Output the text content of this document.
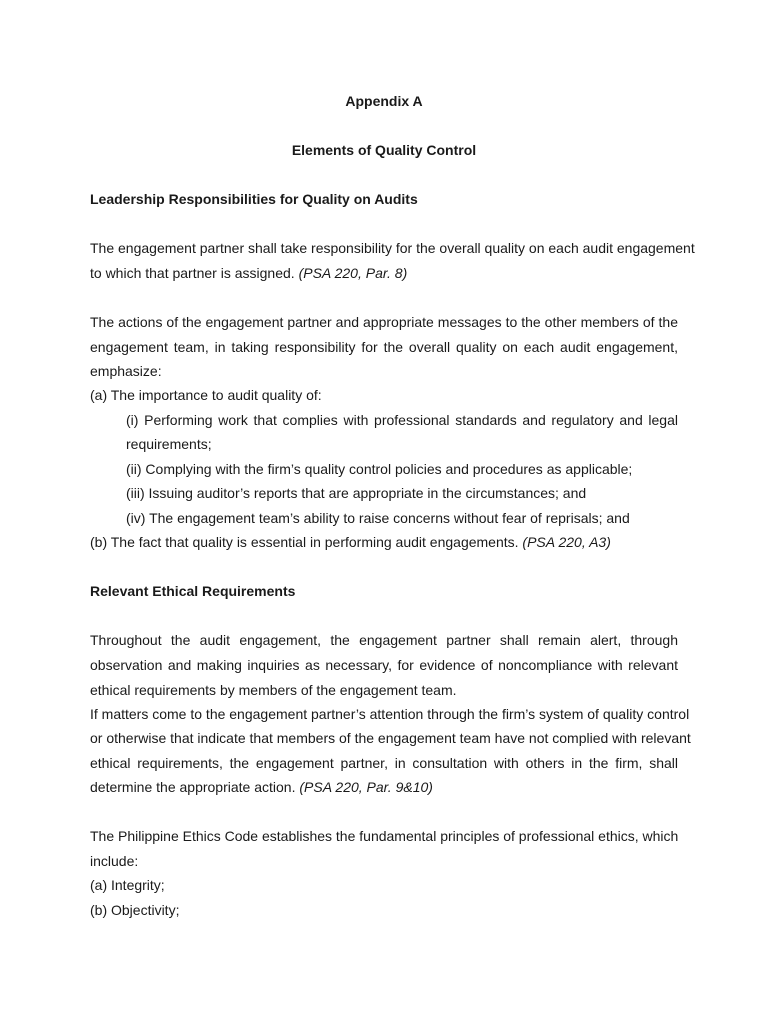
Appendix A
Elements of Quality Control
Leadership Responsibilities for Quality on Audits
The engagement partner shall take responsibility for the overall quality on each audit engagement
to which that partner is assigned. (PSA 220, Par. 8)
The actions of the engagement partner and appropriate messages to the other members of the
engagement team, in taking responsibility for the overall quality on each audit engagement,
emphasize:
(a) The importance to audit quality of:
(i) Performing work that complies with professional standards and regulatory and legal
requirements;
(ii) Complying with the firm’s quality control policies and procedures as applicable;
(iii) Issuing auditor’s reports that are appropriate in the circumstances; and
(iv) The engagement team’s ability to raise concerns without fear of reprisals; and
(b) The fact that quality is essential in performing audit engagements. (PSA 220, A3)
Relevant Ethical Requirements
Throughout the audit engagement, the engagement partner shall remain alert, through
observation and making inquiries as necessary, for evidence of noncompliance with relevant
ethical requirements by members of the engagement team.
If matters come to the engagement partner’s attention through the firm’s system of quality control
or otherwise that indicate that members of the engagement team have not complied with relevant
ethical requirements, the engagement partner, in consultation with others in the firm, shall
determine the appropriate action. (PSA 220, Par. 9&10)
The Philippine Ethics Code establishes the fundamental principles of professional ethics, which
include:
(a) Integrity;
(b) Objectivity;
